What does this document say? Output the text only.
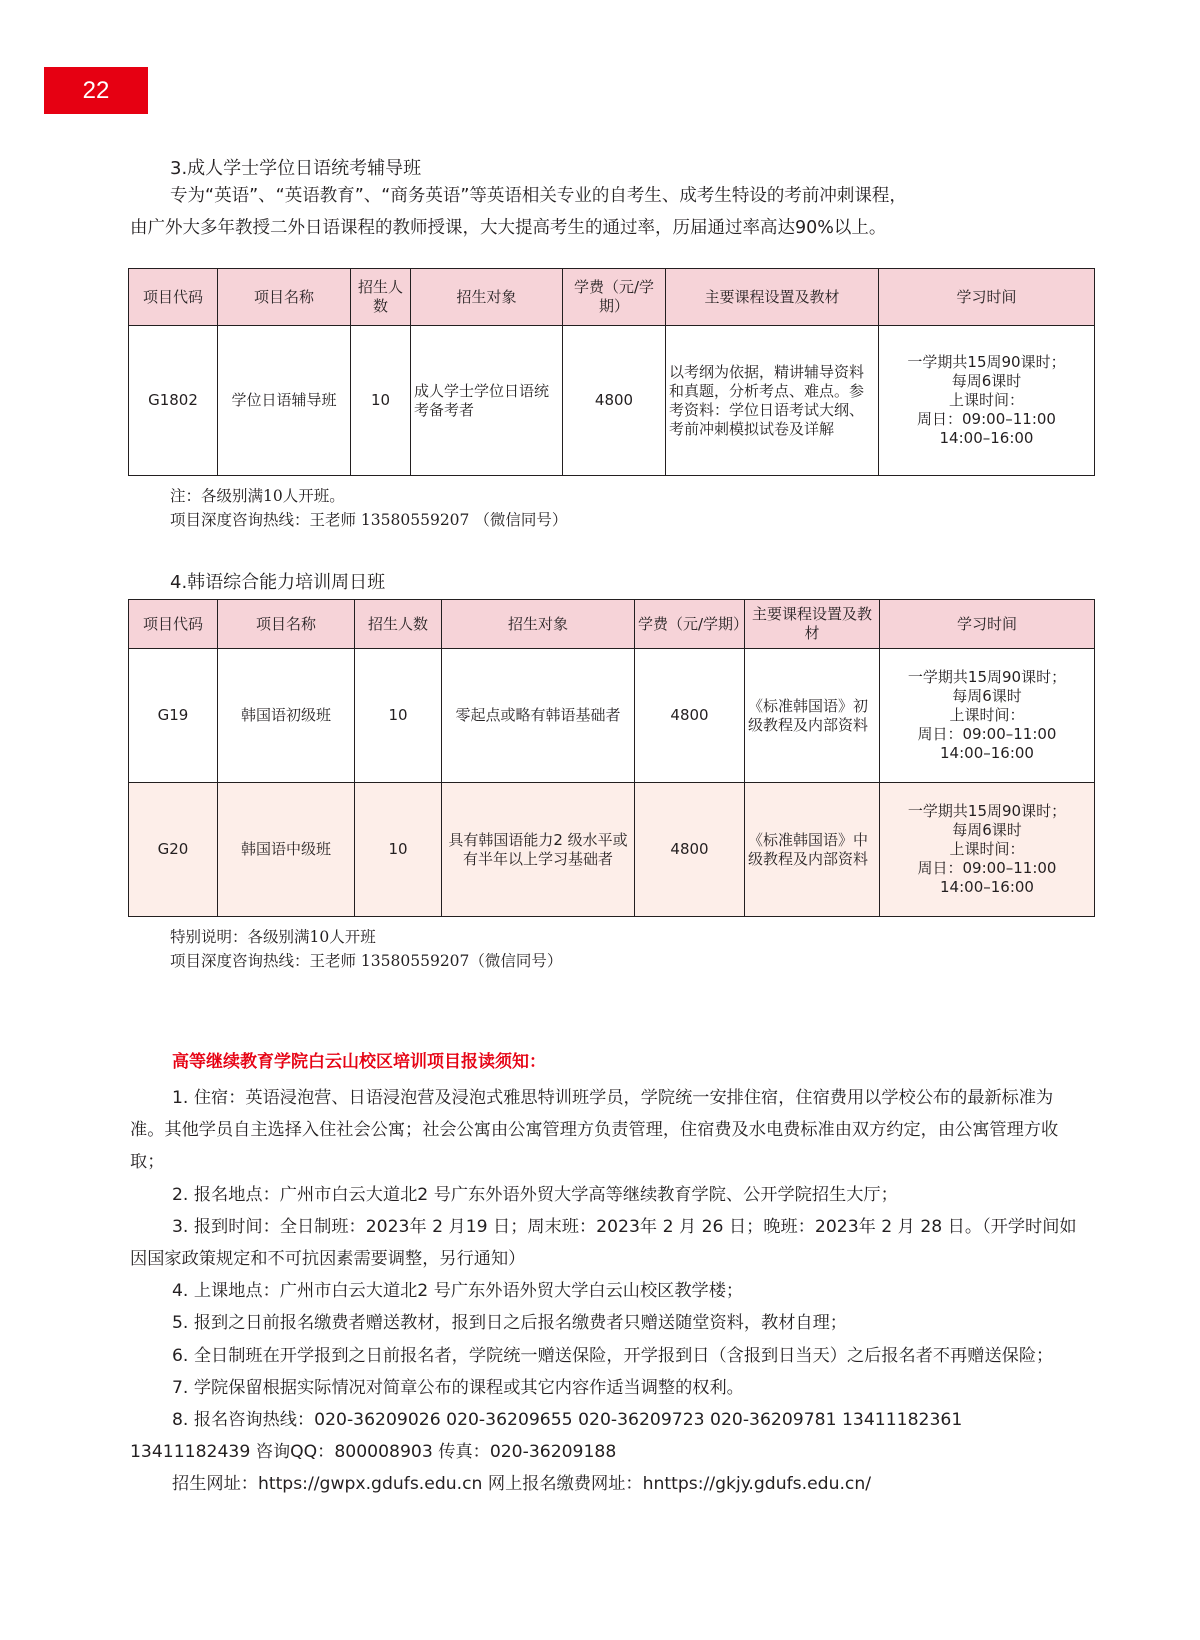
22
3.成人学士学位日语统考辅导班

专为“英语”、“英语教育”、“商务英语”等英语相关专业的自考生、成考生特设的考前冲刺课程，

由广外大多年教授二外日语课程的教师授课，大大提高考生的通过率，历届通过率高达90%以上。

项目代码	项目名称	招生人数	招生对象	学费（元/学期）	主要课程设置及教材	学习时间
G1802	学位日语辅导班	10	成人学士学位日语统考备考者	4800	以考纲为依据，精讲辅导资料和真题，分析考点、难点。参考资料：学位日语考试大纲、考前冲刺模拟试卷及详解	一学期共15周90课时；
每周6课时
上课时间：
周日：09:00–11:00
14:00–16:00
注：各级别满10人开班。
项目深度咨询热线：王老师 13580559207 （微信同号）
4.韩语综合能力培训周日班
项目代码	项目名称	招生人数	招生对象	学费（元/学期）	主要课程设置及教材	学习时间
G19	韩国语初级班	10	零起点或略有韩语基础者	4800	《标准韩国语》初级教程及内部资料	一学期共15周90课时；
每周6课时
上课时间：
周日：09:00–11:00
14:00–16:00

G20	韩国语中级班	10	具有韩国语能力2 级水平或有半年以上学习基础者	4800	《标准韩国语》中级教程及内部资料	一学期共15周90课时；
每周6课时
上课时间：
周日：09:00–11:00
14:00–16:00
特别说明：各级别满10人开班
项目深度咨询热线：王老师 13580559207（微信同号）
高等继续教育学院白云山校区培训项目报读须知：

1. 住宿：英语浸泡营、日语浸泡营及浸泡式雅思特训班学员，学院统一安排住宿，住宿费用以学校公布的最新标准为准。其他学员自主选择入住社会公寓；社会公寓由公寓管理方负责管理，住宿费及水电费标准由双方约定，由公寓管理方收取；

2. 报名地点：广州市白云大道北2 号广东外语外贸大学高等继续教育学院、公开学院招生大厅；

3. 报到时间：全日制班：2023年 2 月19 日；周末班：2023年 2 月 26 日；晚班：2023年 2 月 28 日。（开学时间如因国家政策规定和不可抗因素需要调整，另行通知）

4. 上课地点：广州市白云大道北2 号广东外语外贸大学白云山校区教学楼；

5. 报到之日前报名缴费者赠送教材，报到日之后报名缴费者只赠送随堂资料，教材自理；

6. 全日制班在开学报到之日前报名者，学院统一赠送保险，开学报到日（含报到日当天）之后报名者不再赠送保险；

7. 学院保留根据实际情况对简章公布的课程或其它内容作适当调整的权利。

8. 报名咨询热线：020-36209026 020-36209655 020-36209723 020-36209781 13411182361 13411182439 咨询QQ：800008903 传真：020-36209188

招生网址：https://gwpx.gdufs.edu.cn 网上报名缴费网址：hnttps://gkjy.gdufs.edu.cn/
